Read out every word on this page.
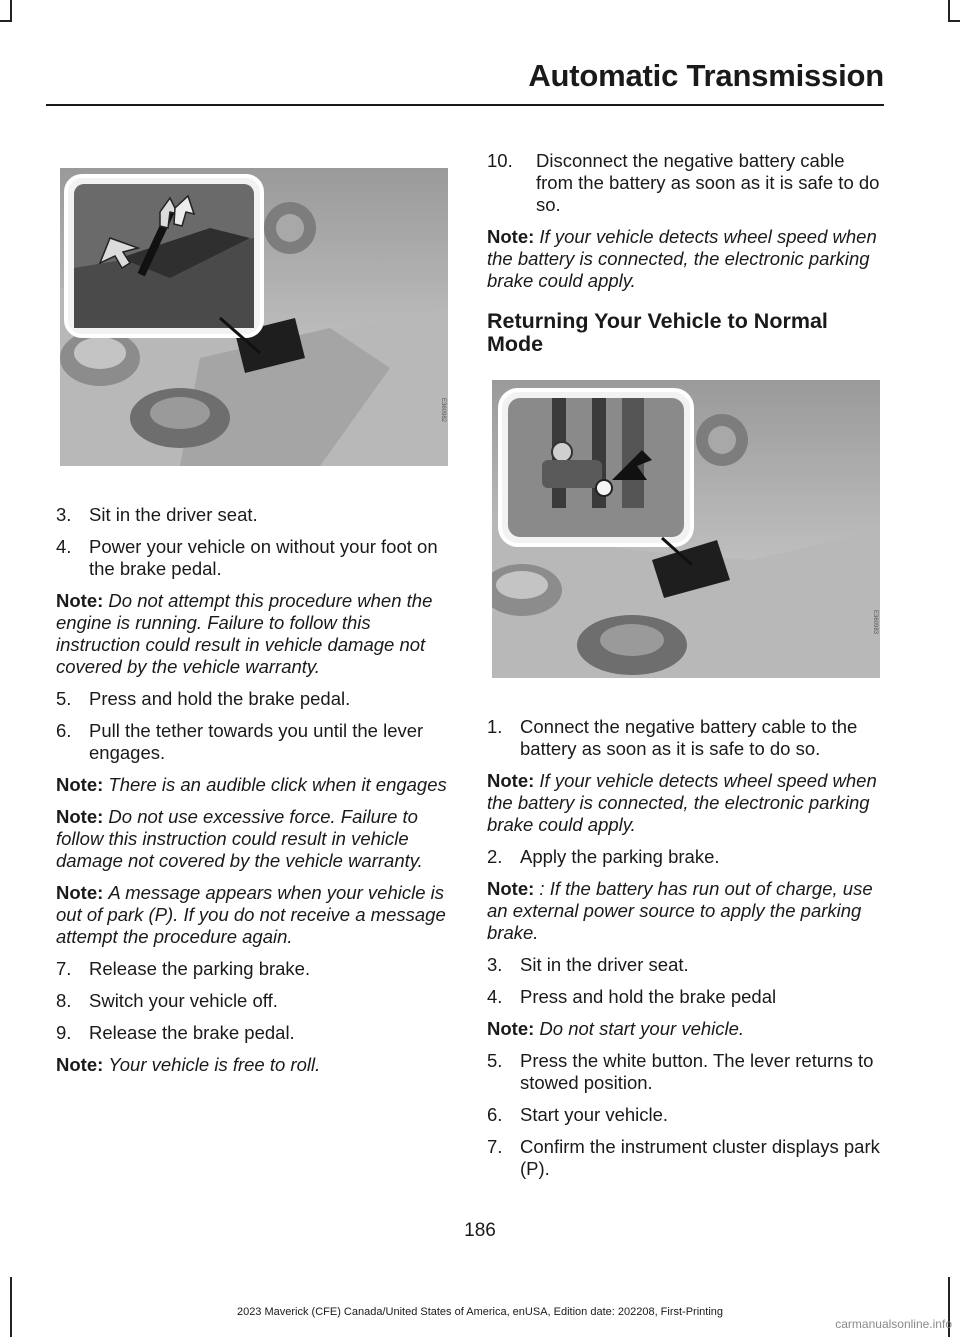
Automatic Transmission
E360982
E360983
3. Sit in the driver seat.
4. Power your vehicle on without your foot on the brake pedal.
Note: Do not attempt this procedure when the engine is running. Failure to follow this instruction could result in vehicle damage not covered by the vehicle warranty.
5. Press and hold the brake pedal.
6. Pull the tether towards you until the lever engages.
Note: There is an audible click when it engages
Note: Do not use excessive force. Failure to follow this instruction could result in vehicle damage not covered by the vehicle warranty.
Note: A message appears when your vehicle is out of park (P). If you do not receive a message attempt the procedure again.
7. Release the parking brake.
8. Switch your vehicle off.
9. Release the brake pedal.
Note: Your vehicle is free to roll.
10. Disconnect the negative battery cable from the battery as soon as it is safe to do so.
Note: If your vehicle detects wheel speed when the battery is connected, the electronic parking brake could apply.
Returning Your Vehicle to Normal Mode
1. Connect the negative battery cable to the battery as soon as it is safe to do so.
Note: If your vehicle detects wheel speed when the battery is connected, the electronic parking brake could apply.
2. Apply the parking brake.
Note: : If the battery has run out of charge, use an external power source to apply the parking brake.
3. Sit in the driver seat.
4. Press and hold the brake pedal
Note: Do not start your vehicle.
5. Press the white button. The lever returns to stowed position.
6. Start your vehicle.
7. Confirm the instrument cluster displays park (P).
186
2023 Maverick (CFE) Canada/United States of America, enUSA, Edition date: 202208, First-Printing
carmanualsonline.info
